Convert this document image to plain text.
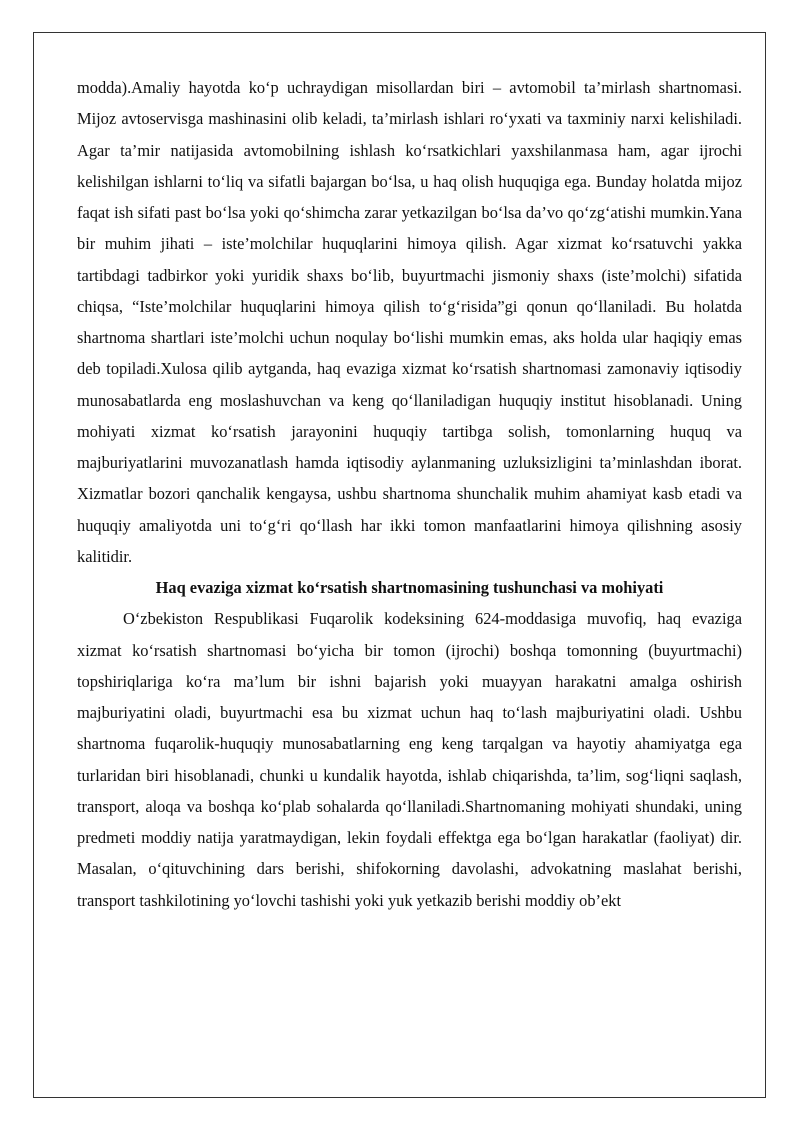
modda).Amaliy hayotda ko‘p uchraydigan misollardan biri – avtomobil ta’mirlash shartnomasi. Mijoz avtoservisga mashinasini olib keladi, ta’mirlash ishlari ro‘yxati va taxminiy narxi kelishiladi. Agar ta’mir natijasida avtomobilning ishlash ko‘rsatkichlari yaxshilanmasa ham, agar ijrochi kelishilgan ishlarni to‘liq va sifatli bajargan bo‘lsa, u haq olish huquqiga ega. Bunday holatda mijoz faqat ish sifati past bo‘lsa yoki qo‘shimcha zarar yetkazilgan bo‘lsa da’vo qo‘zg‘atishi mumkin.Yana bir muhim jihati – iste’molchilar huquqlarini himoya qilish. Agar xizmat ko‘rsatuvchi yakka tartibdagi tadbirkor yoki yuridik shaxs bo‘lib, buyurtmachi jismoniy shaxs (iste’molchi) sifatida chiqsa, “Iste’molchilar huquqlarini himoya qilish to‘g‘risida”gi qonun qo‘llaniladi. Bu holatda shartnoma shartlari iste’molchi uchun noqulay bo‘lishi mumkin emas, aks holda ular haqiqiy emas deb topiladi.Xulosa qilib aytganda, haq evaziga xizmat ko‘rsatish shartnomasi zamonaviy iqtisodiy munosabatlarda eng moslashuvchan va keng qo‘llaniladigan huquqiy institut hisoblanadi. Uning mohiyati xizmat ko‘rsatish jarayonini huquqiy tartibga solish, tomonlarning huquq va majburiyatlarini muvozanatlash hamda iqtisodiy aylanmaning uzluksizligini ta’minlashdan iborat. Xizmatlar bozori qanchalik kengaysa, ushbu shartnoma shunchalik muhim ahamiyat kasb etadi va huquqiy amaliyotda uni to‘g‘ri qo‘llash har ikki tomon manfaatlarini himoya qilishning asosiy kalitidir.

Haq evaziga xizmat ko‘rsatish shartnomasining tushunchasi va mohiyati

O‘zbekiston Respublikasi Fuqarolik kodeksining 624-moddasiga muvofiq, haq evaziga xizmat ko‘rsatish shartnomasi bo‘yicha bir tomon (ijrochi) boshqa tomonning (buyurtmachi) topshiriqlariga ko‘ra ma’lum bir ishni bajarish yoki muayyan harakatni amalga oshirish majburiyatini oladi, buyurtmachi esa bu xizmat uchun haq to‘lash majburiyatini oladi. Ushbu shartnoma fuqarolik-huquqiy munosabatlarning eng keng tarqalgan va hayotiy ahamiyatga ega turlaridan biri hisoblanadi, chunki u kundalik hayotda, ishlab chiqarishda, ta’lim, sog‘liqni saqlash, transport, aloqa va boshqa ko‘plab sohalarda qo‘llaniladi.Shartnomaning mohiyati shundaki, uning predmeti moddiy natija yaratmaydigan, lekin foydali effektga ega bo‘lgan harakatlar (faoliyat) dir. Masalan, o‘qituvchining dars berishi, shifokorning davolashi, advokatning maslahat berishi, transport tashkilotining yo‘lovchi tashishi yoki yuk yetkazib berishi moddiy ob’ekt
